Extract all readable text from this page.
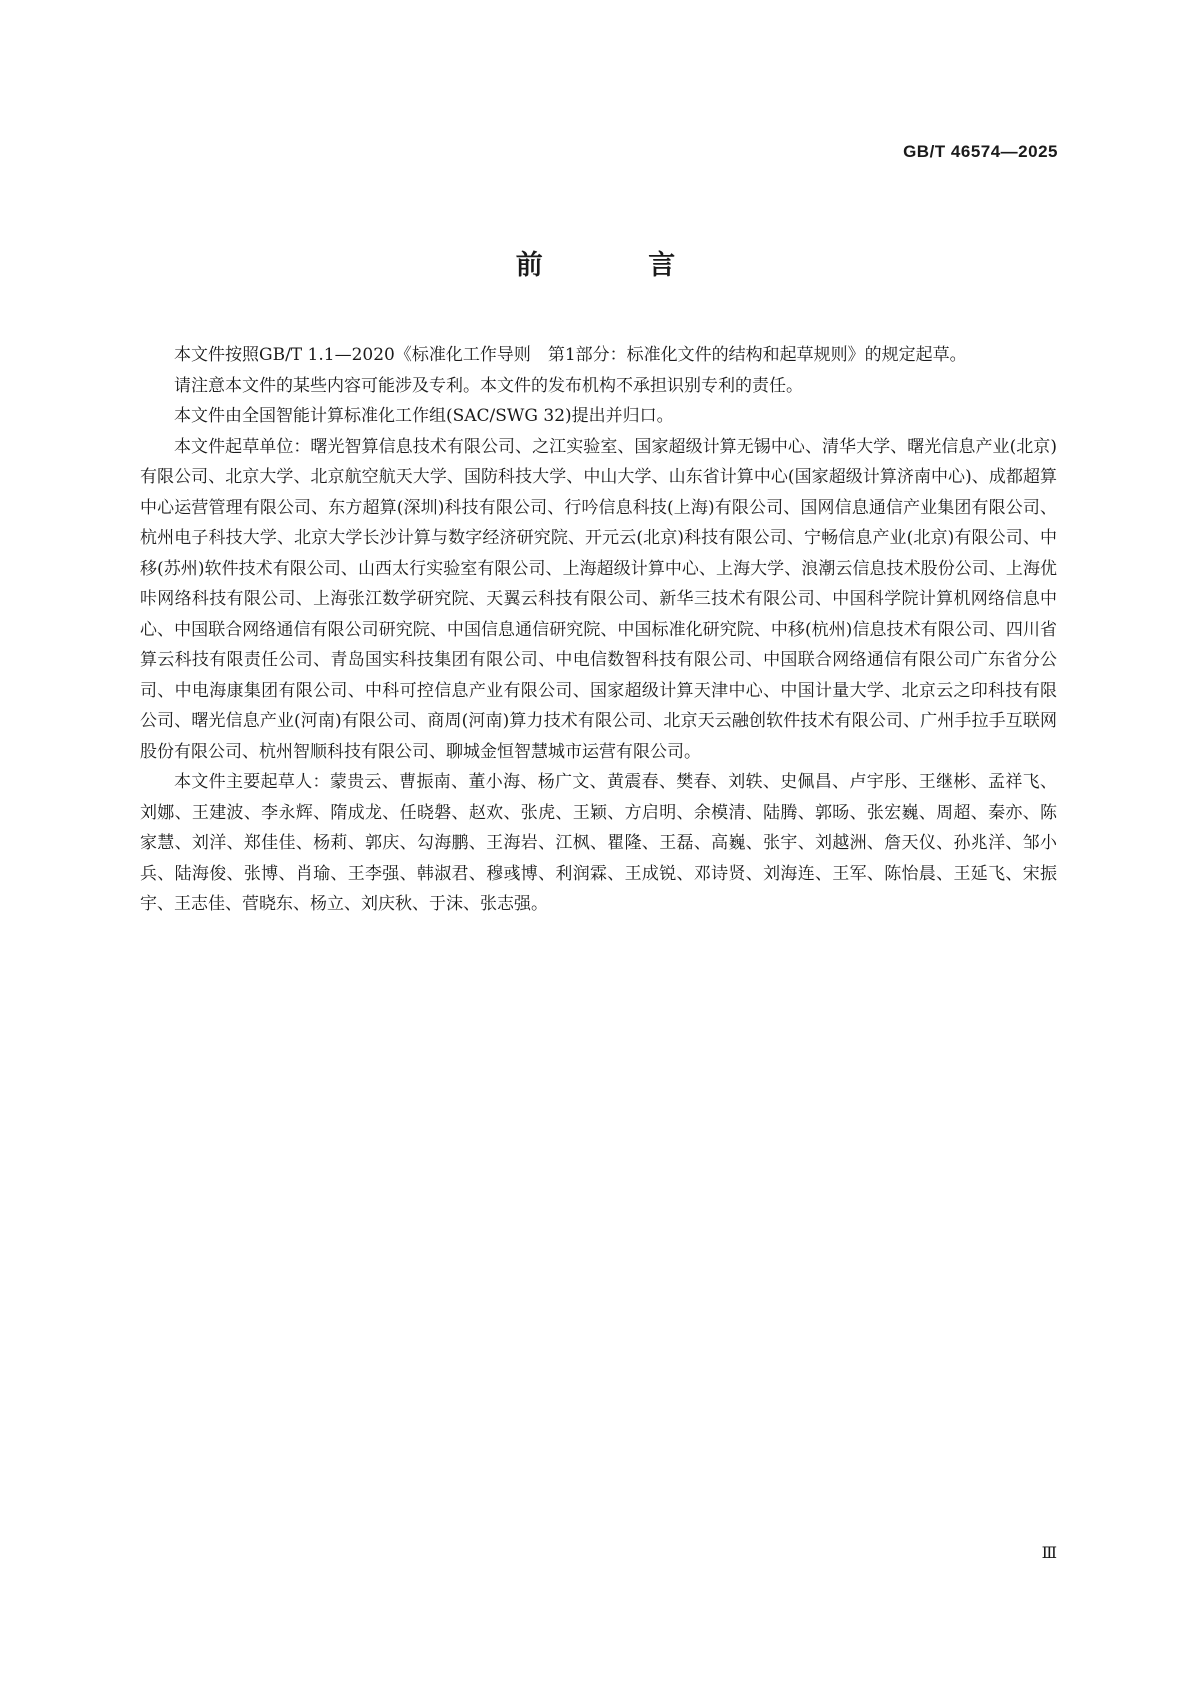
GB/T 46574—2025
前 言

本文件按照GB/T 1.1—2020《标准化工作导则　第1部分：标准化文件的结构和起草规则》的规定起草。

请注意本文件的某些内容可能涉及专利。本文件的发布机构不承担识别专利的责任。

本文件由全国智能计算标准化工作组(SAC/SWG 32)提出并归口。

本文件起草单位：曙光智算信息技术有限公司、之江实验室、国家超级计算无锡中心、清华大学、曙光信息产业(北京)有限公司、北京大学、北京航空航天大学、国防科技大学、中山大学、山东省计算中心(国家超级计算济南中心)、成都超算中心运营管理有限公司、东方超算(深圳)科技有限公司、行吟信息科技(上海)有限公司、国网信息通信产业集团有限公司、杭州电子科技大学、北京大学长沙计算与数字经济研究院、开元云(北京)科技有限公司、宁畅信息产业(北京)有限公司、中移(苏州)软件技术有限公司、山西太行实验室有限公司、上海超级计算中心、上海大学、浪潮云信息技术股份公司、上海优咔网络科技有限公司、上海张江数学研究院、天翼云科技有限公司、新华三技术有限公司、中国科学院计算机网络信息中心、中国联合网络通信有限公司研究院、中国信息通信研究院、中国标准化研究院、中移(杭州)信息技术有限公司、四川省算云科技有限责任公司、青岛国实科技集团有限公司、中电信数智科技有限公司、中国联合网络通信有限公司广东省分公司、中电海康集团有限公司、中科可控信息产业有限公司、国家超级计算天津中心、中国计量大学、北京云之印科技有限公司、曙光信息产业(河南)有限公司、商周(河南)算力技术有限公司、北京天云融创软件技术有限公司、广州手拉手互联网股份有限公司、杭州智顺科技有限公司、聊城金恒智慧城市运营有限公司。

本文件主要起草人：蒙贵云、曹振南、董小海、杨广文、黄震春、樊春、刘轶、史佩昌、卢宇彤、王继彬、孟祥飞、刘娜、王建波、李永辉、隋成龙、任晓磐、赵欢、张虎、王颖、方启明、余模清、陆腾、郭旸、张宏巍、周超、秦亦、陈家慧、刘洋、郑佳佳、杨莉、郭庆、勾海鹏、王海岩、江枫、瞿隆、王磊、高巍、张宇、刘越洲、詹天仪、孙兆洋、邹小兵、陆海俊、张博、肖瑜、王李强、韩淑君、穆彧博、利润霖、王成锐、邓诗贤、刘海连、王军、陈怡晨、王延飞、宋振宇、王志佳、菅晓东、杨立、刘庆秋、于沫、张志强。

Ⅲ
